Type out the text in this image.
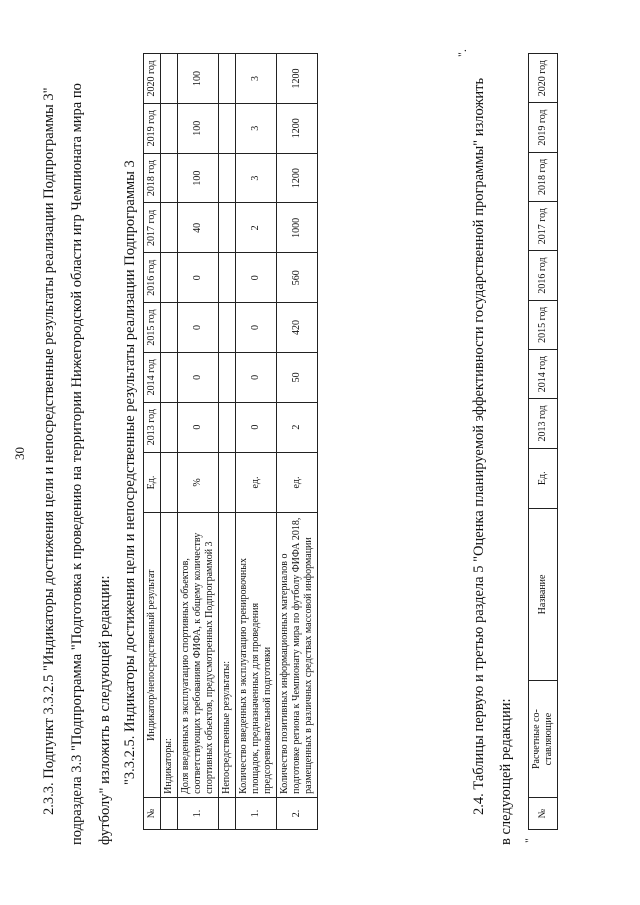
30 2.3.3. Подпункт 3.3.2.5 "Индикаторы достижения цели и непосредственные результаты реализации Подпрограммы 3" подраздела 3.3 "Подпрограмма "Подготовка к проведению на территории Нижегородской области игр Чемпионата мира по футболу" изложить в следующей редакции: "3.3.2.5. Индикаторы достижения цели и непосредственные результаты реализации Подпрограммы 3
№	Индикатор/непосредственный результат	Ед.	2013 год	2014 год	2015 год	2016 год	2017 год	2018 год	2019 год	2020 год
	Индикаторы:									
1.	Доля введенных в эксплуатацию спортивных объектов, соответствующих требованиям ФИФА, к общему количеству спортивных объектов, предусмотренных Подпрограммой 3	%	0	0	0	0	40	100	100	100
	Непосредственные результаты:									
1.	Количество введенных в эксплуатацию тренировочных площадок, предназначенных для проведения предсоревновательной подготовки	ед.	0	0	0	0	2	3	3	3
2.	Количество позитивных информационных материалов о подготовке региона к Чемпионату мира по футболу ФИФА 2018, размещенных в различных средствах массовой информации	ед.	2	50	420	560	1000	1200	1200	1200
".
2.4. Таблицы первую и третью раздела 5 "Оценка планируемой эффективности государственной программы" изложить в следующей редакции: "
№	Расчетные со- ставляющие	Название	Ед.	2013 год	2014 год	2015 год	2016 год	2017 год	2018 год	2019 год	2020 год
